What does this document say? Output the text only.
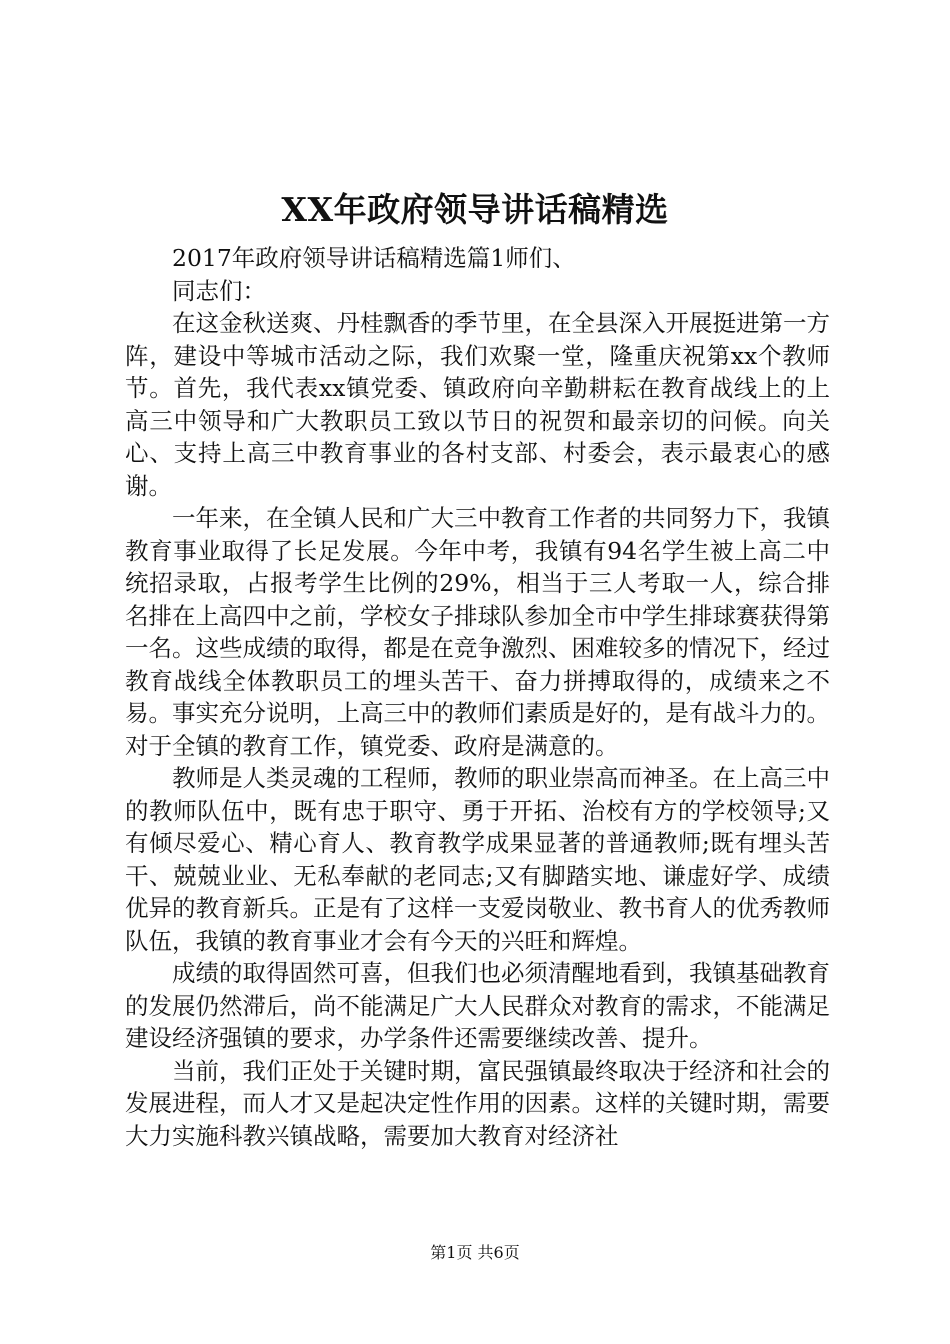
XX年政府领导讲话稿精选

2017年政府领导讲话稿精选篇1师们、

同志们：

在这金秋送爽、丹桂飘香的季节里，在全县深入开展挺进第一方阵，建设中等城市活动之际，我们欢聚一堂，隆重庆祝第xx个教师节。首先，我代表xx镇党委、镇政府向辛勤耕耘在教育战线上的上高三中领导和广大教职员工致以节日的祝贺和最亲切的问候。向关心、支持上高三中教育事业的各村支部、村委会，表示最衷心的感谢。

一年来，在全镇人民和广大三中教育工作者的共同努力下，我镇教育事业取得了长足发展。今年中考，我镇有94名学生被上高二中统招录取，占报考学生比例的29%，相当于三人考取一人，综合排名排在上高四中之前，学校女子排球队参加全市中学生排球赛获得第一名。这些成绩的取得，都是在竞争激烈、困难较多的情况下，经过教育战线全体教职员工的埋头苦干、奋力拼搏取得的，成绩来之不易。事实充分说明，上高三中的教师们素质是好的，是有战斗力的。对于全镇的教育工作，镇党委、政府是满意的。

教师是人类灵魂的工程师，教师的职业崇高而神圣。在上高三中的教师队伍中，既有忠于职守、勇于开拓、治校有方的学校领导;又有倾尽爱心、精心育人、教育教学成果显著的普通教师;既有埋头苦干、兢兢业业、无私奉献的老同志;又有脚踏实地、谦虚好学、成绩优异的教育新兵。正是有了这样一支爱岗敬业、教书育人的优秀教师队伍，我镇的教育事业才会有今天的兴旺和辉煌。

成绩的取得固然可喜，但我们也必须清醒地看到，我镇基础教育的发展仍然滞后，尚不能满足广大人民群众对教育的需求，不能满足建设经济强镇的要求，办学条件还需要继续改善、提升。

当前，我们正处于关键时期，富民强镇最终取决于经济和社会的发展进程，而人才又是起决定性作用的因素。这样的关键时期，需要大力实施科教兴镇战略，需要加大教育对经济社

第1页 共6页
